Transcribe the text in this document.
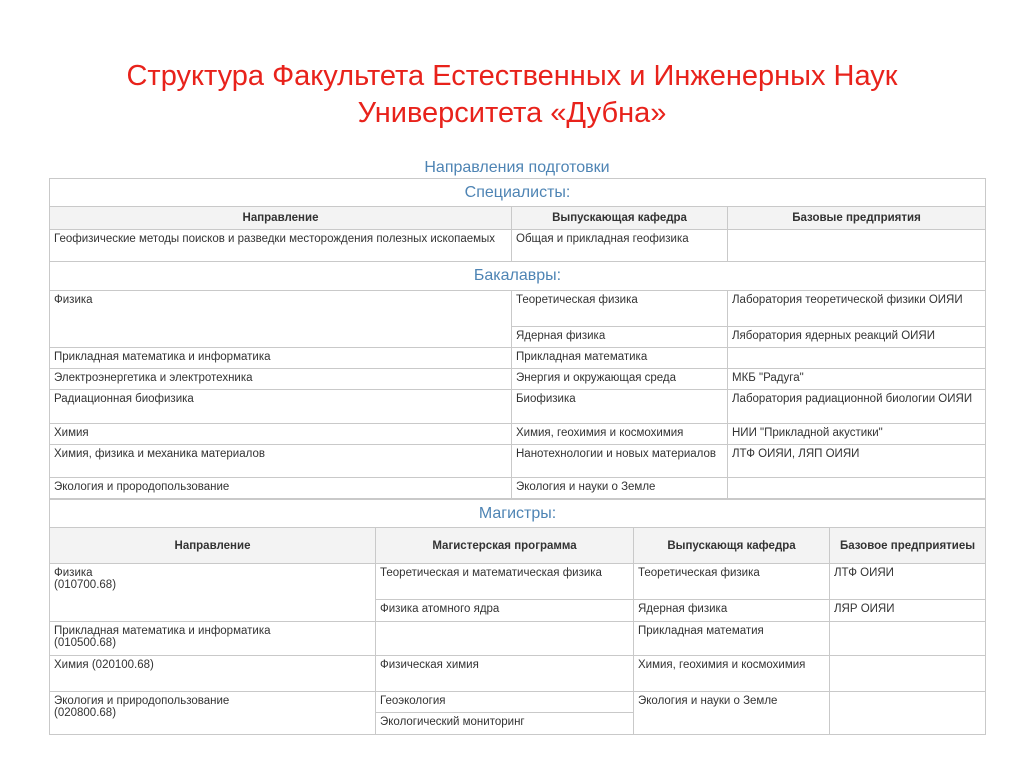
Структура Факультета Естественных и Инженерных Наук
Университета «Дубна»
Направления подготовки
Специалисты:		
Направление	Выпускающая кафедра	Базовые предприятия
Геофизические методы поисков и разведки месторождения полезных ископаемых	Общая и прикладная геофизика	
Бакалавры:		
Физика	Теоретическая физика	Лаборатория теоретической физики ОИЯИ
	Ядерная физика	Ляборатория ядерных реакций ОИЯИ
Прикладная математика и информатика	Прикладная математика	
Электроэнергетика и электротехника	Энергия и окружающая среда	МКБ "Радуга"
Радиационная биофизика	Биофизика	Лаборатория радиационной биологии ОИЯИ
Химия	Химия, геохимия и космохимия	НИИ "Прикладной акустики"
Химия, физика и механика материалов	Нанотехнологии и новых материалов	ЛТФ ОИЯИ, ЛЯП ОИЯИ
Экология и прородопользование	Экология и науки о Земле	
Магистры:			
Направление	Магистерская программа	Выпускающя кафедра	Базовое предприятиеы

Физика
(010700.68)	Теоретическая и математическая физика	Теоретическая физика	ЛТФ ОИЯИ
	Физика атомного ядра	Ядерная физика	ЛЯР ОИЯИ

Прикладная математика и информатика
(010500.68)		Прикладная математия	
Химия (020100.68)	Физическая химия	Химия, геохимия и космохимия	

Экология и природопользование
(020800.68)	Геоэкология	Экология и науки о Земле	
	Экологический мониторинг		
